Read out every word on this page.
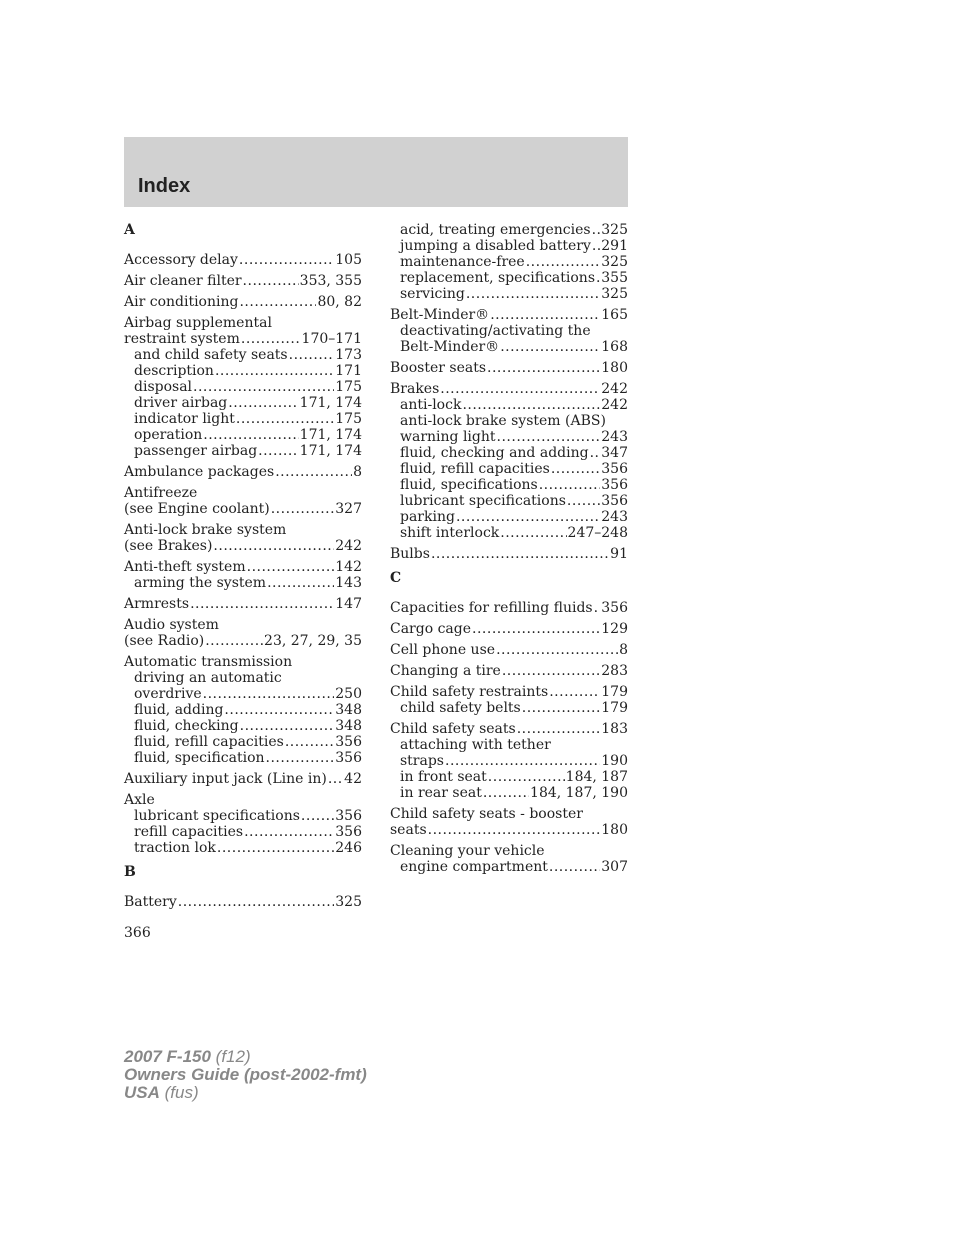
Index
A
Accessory delay .....	105
Air cleaner filter .....	353, 355
Air conditioning .....	80, 82
Airbag supplemental
restraint system .....	170–171
and child safety seats .....	173
description .....	171
disposal .....	175
driver airbag .....	171, 174
indicator light .....	175
operation .....	171, 174
passenger airbag .....	171, 174
Ambulance packages .....	8
Antifreeze
(see Engine coolant) .....	327
Anti-lock brake system
(see Brakes) .....	242
Anti-theft system .....	142
arming the system .....	143
Armrests .....	147
Audio system
(see Radio) .....	23, 27, 29, 35
Automatic transmission
driving an automatic
overdrive .....	250
fluid, adding .....	348
fluid, checking .....	348
fluid, refill capacities .....	356
fluid, specification .....	356
Auxiliary input jack (Line in) ..... 42
Axle
lubricant specifications .....	356
refill capacities .....	356
traction lok .....	246
B
Battery .....	325
acid, treating emergencies ..... 325
jumping a disabled battery ..... 291
maintenance-free .....	325
replacement, specifications ..... 355
servicing .....	325
Belt-Minder® .....	165
deactivating/activating the
Belt-Minder® .....	168
Booster seats .....	180
Brakes .....	242
anti-lock .....	242
anti-lock brake system (ABS)
warning light .....	243
fluid, checking and adding ..... 347
fluid, refill capacities .....	356
fluid, specifications .....	356
lubricant specifications .....	356
parking .....	243
shift interlock .....	247–248
Bulbs .....	91
C
Capacities for refilling fluids ..... 356
Cargo cage .....	129
Cell phone use .....	8
Changing a tire .....	283
Child safety restraints .....	179
child safety belts .....	179
Child safety seats .....	183
attaching with tether
straps .....	190
in front seat .....	184, 187
in rear seat .....	184, 187, 190
Child safety seats - booster
seats .....	180
Cleaning your vehicle
engine compartment .....	307
366
2007 F-150 (f12)
Owners Guide (post-2002-fmt)
USA (fus)
